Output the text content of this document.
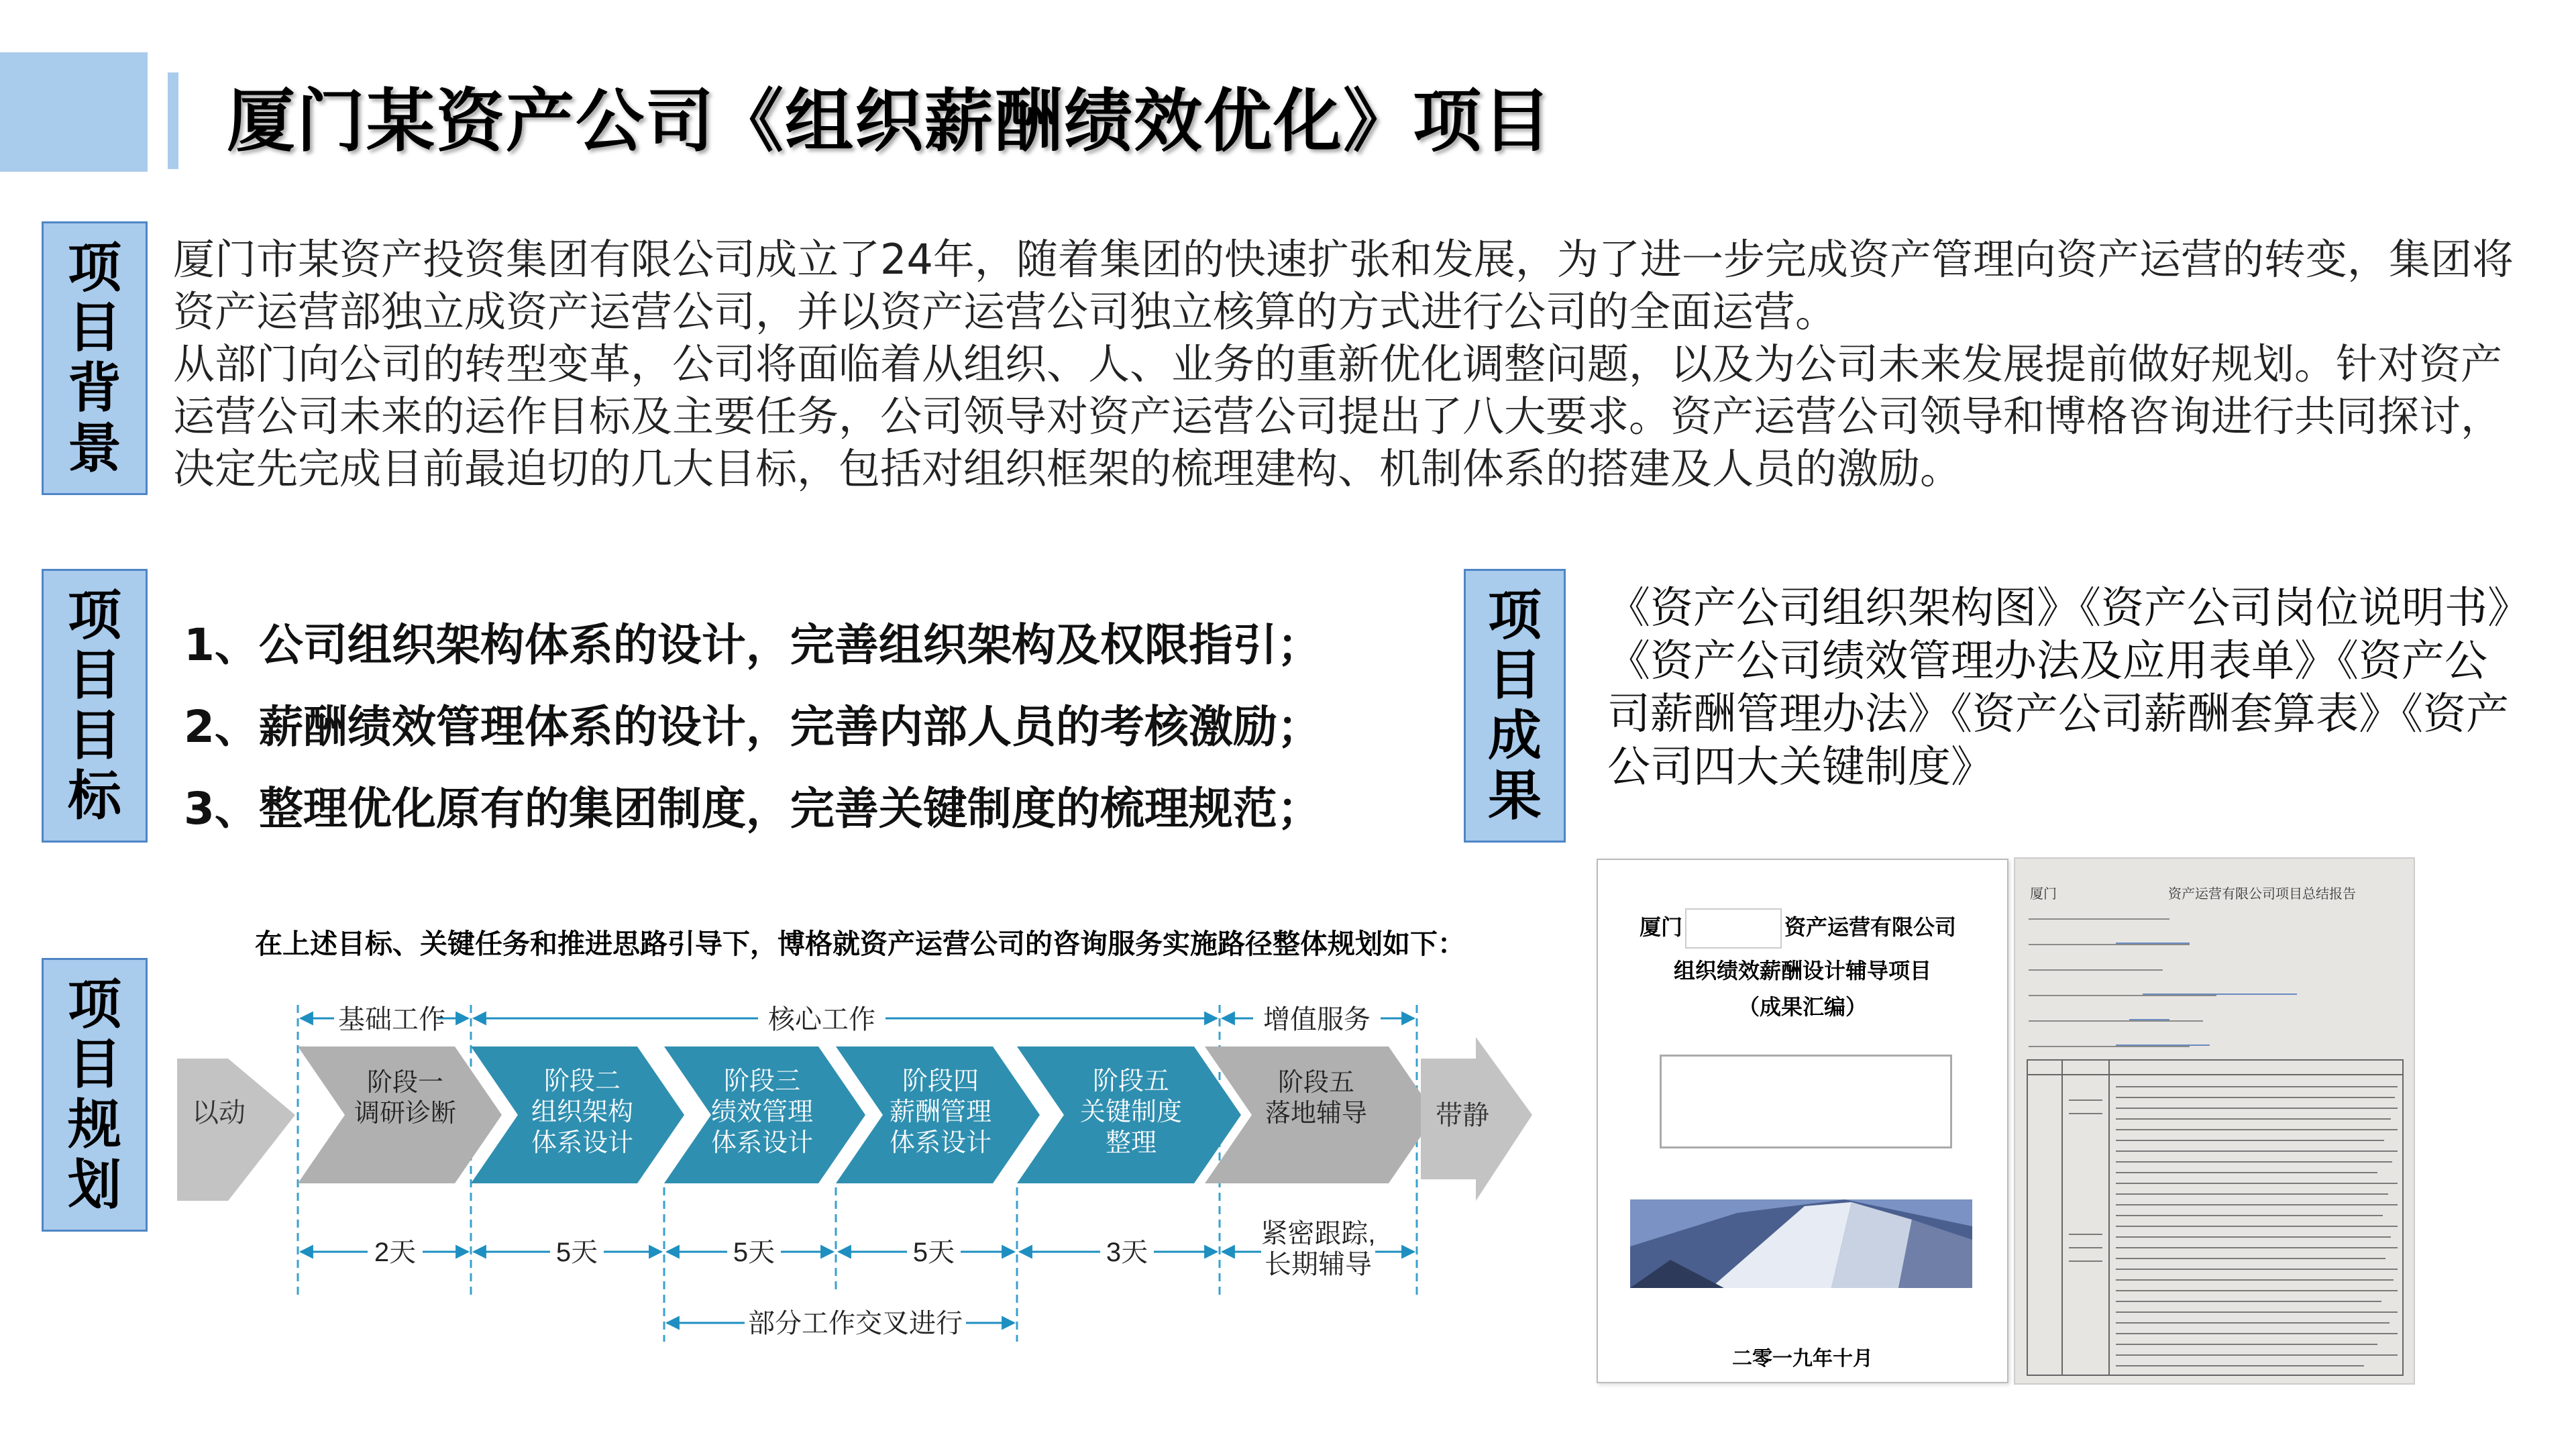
厦门某资产公司《组织薪酬绩效优化》项目
项
目
背
景

厦门市某资产投资集团有限公司成立了24年，随着集团的快速扩张和发展，为了进一步完成资产管理向资产运营的转变，集团将资产运营部独立成资产运营公司，并以资产运营公司独立核算的方式进行公司的全面运营。

从部门向公司的转型变革，公司将面临着从组织、人、业务的重新优化调整问题，以及为公司未来发展提前做好规划。针对资产运营公司未来的运作目标及主要任务，公司领导对资产运营公司提出了八大要求。资产运营公司领导和博格咨询进行共同探讨，决定先完成目前最迫切的几大目标，包括对组织框架的梳理建构、机制体系的搭建及人员的激励。

项
目
目
标
1、公司组织架构体系的设计，完善组织架构及权限指引；
2、薪酬绩效管理体系的设计，完善内部人员的考核激励；
3、整理优化原有的集团制度，完善关键制度的梳理规范；
项
目
成
果
《资产公司组织架构图》《资产公司岗位说明书》《资产公司绩效管理办法及应用表单》《资产公司薪酬管理办法》《资产公司薪酬套算表》《资产公司四大关键制度》
项
目
规
划
在上述目标、关键任务和推进思路引导下，博格就资产运营公司的咨询服务实施路径整体规划如下：
基础工作	核心工作	增值服务
以动	带静
阶段一
调研诊断
阶段二
组织架构
体系设计
阶段三
绩效管理
体系设计
阶段四
薪酬管理
体系设计
阶段五
关键制度
整理
阶段五
落地辅导
2天	5天	5天	5天	3天
紧密跟踪,
长期辅导
部分工作交叉进行
厦门	资产运营有限公司
组织绩效薪酬设计辅导项目
（成果汇编）
二零一九年十月
厦门	资产运营有限公司项目总结报告
